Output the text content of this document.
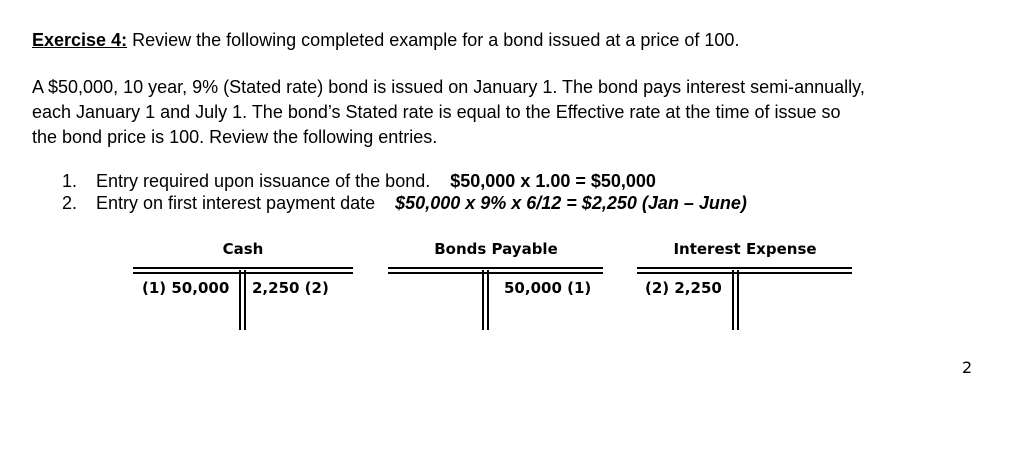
Exercise 4: Review the following completed example for a bond issued at a price of 100.
A $50,000, 10 year, 9% (Stated rate) bond is issued on January 1. The bond pays interest semi-annually,
each January 1 and July 1. The bond’s Stated rate is equal to the Effective rate at the time of issue so
the bond price is 100. Review the following entries.
1. Entry required upon issuance of the bond. $50,000 x 1.00 = $50,000
2. Entry on first interest payment date $50,000 x 9% x 6/12 = $2,250 (Jan – June)
Cash
(1) 50,000 2,250 (2)
Bonds Payable
50,000 (1)
Interest Expense
(2) 2,250
2
